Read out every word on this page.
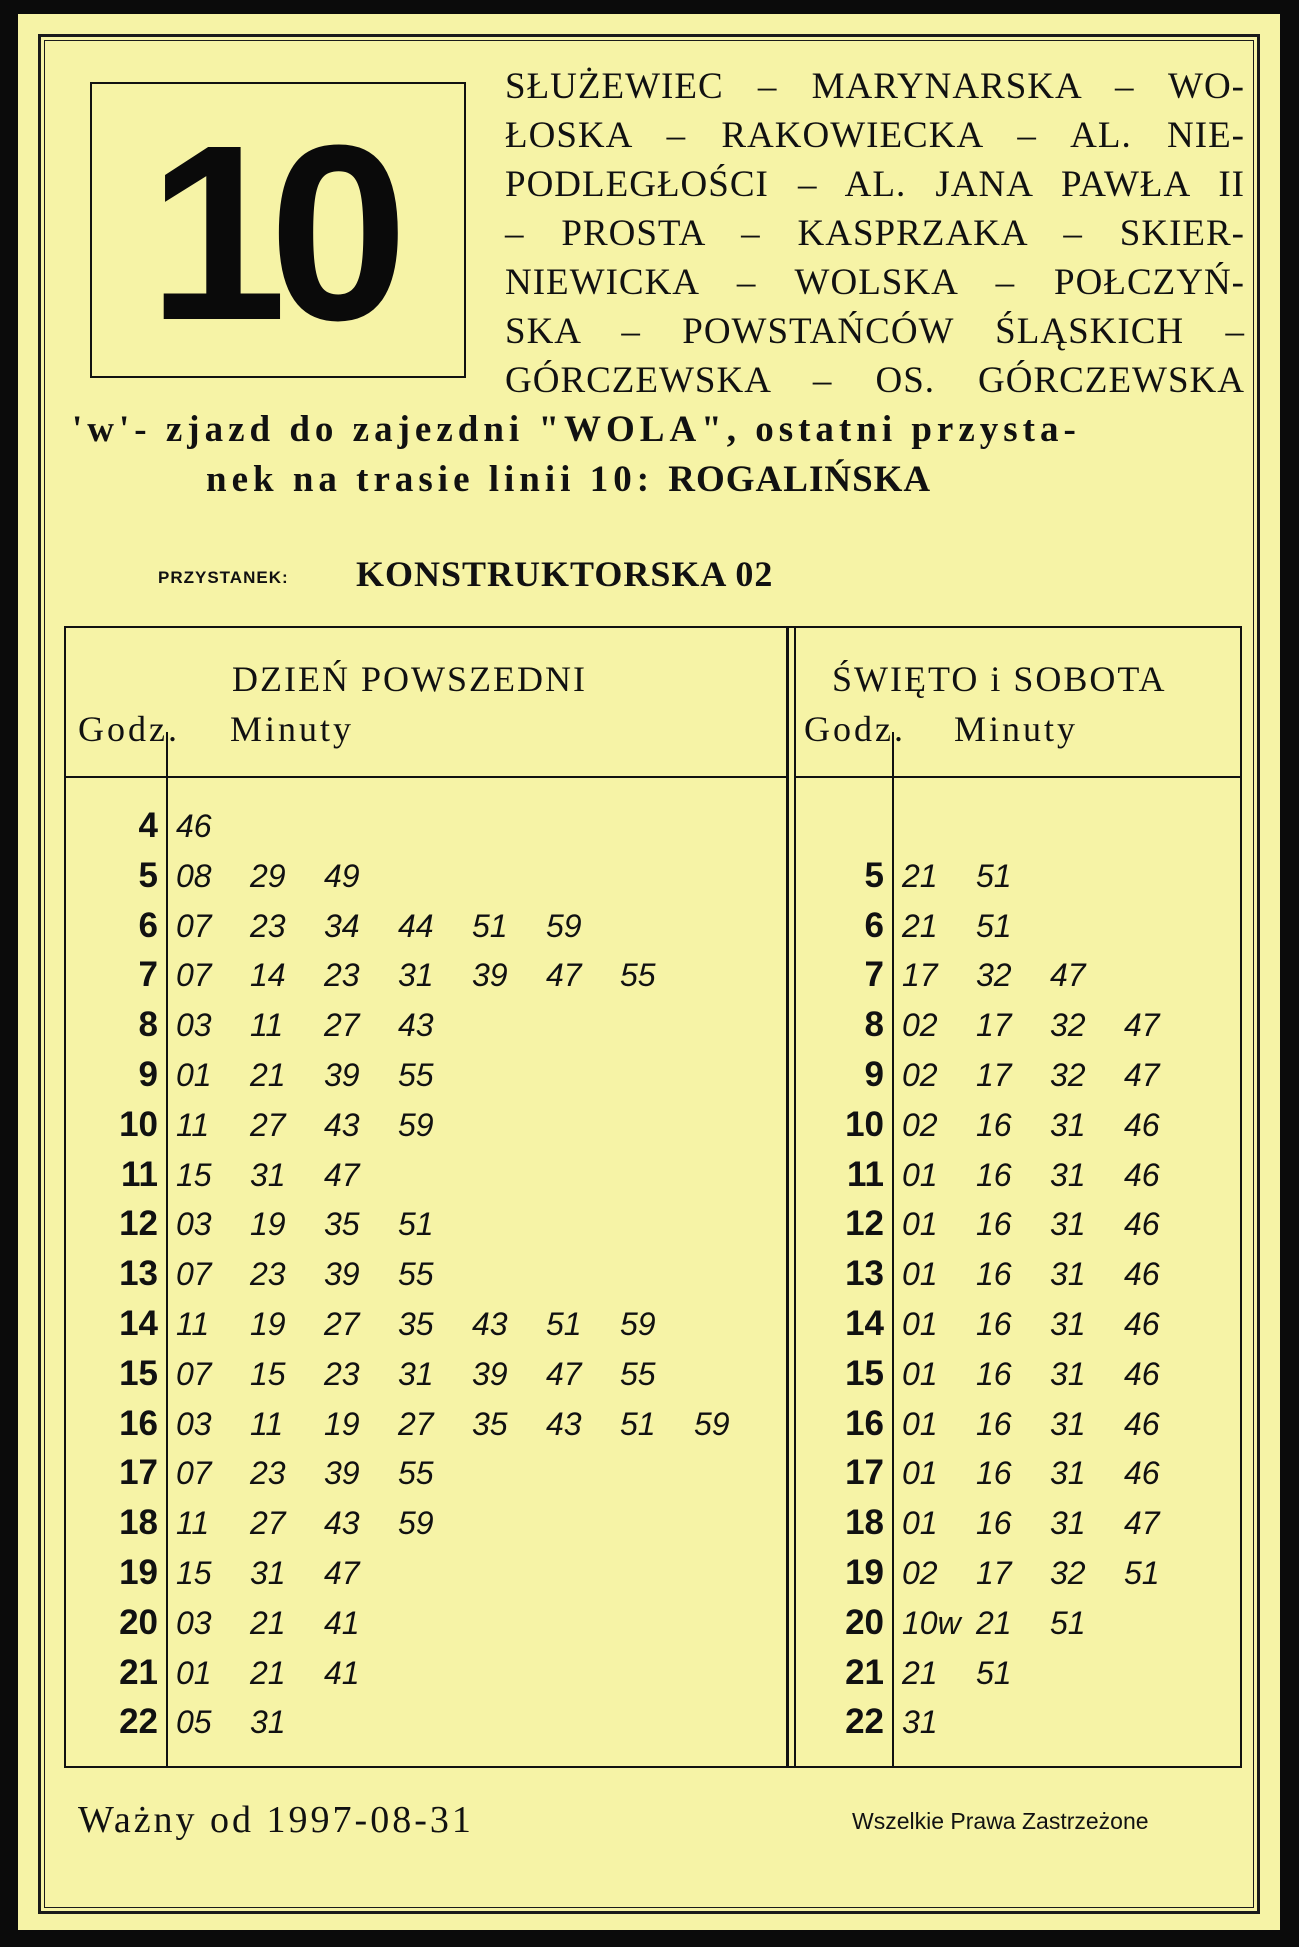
10
SŁUŻEWIEC – MARYNARSKA – WO-
ŁOSKA – RAKOWIECKA – AL. NIE-
PODLEGŁOŚCI – AL. JANA PAWŁA II
– PROSTA – KASPRZAKA – SKIER-
NIEWICKA – WOLSKA – POŁCZYŃ-
SKA – POWSTAŃCÓW ŚLĄSKICH –
GÓRCZEWSKA – OS. GÓRCZEWSKA
'w'- zjazd do zajezdni "WOLA", ostatni przysta-
nek na trasie linii 10: ROGALIŃSKA
PRZYSTANEK: KONSTRUKTORSKA 02
DZIEŃ POWSZEDNI
Godz. Minuty
ŚWIĘTO i SOBOTA
Godz. Minuty
4 46
5 08 29 49
6 07 23 34 44 51 59
7 07 14 23 31 39 47 55
8 03 11 27 43
9 01 21 39 55
10 11 27 43 59
11 15 31 47
12 03 19 35 51
13 07 23 39 55
14 11 19 27 35 43 51 59
15 07 15 23 31 39 47 55
16 03 11 19 27 35 43 51 59
17 07 23 39 55
18 11 27 43 59
19 15 31 47
20 03 21 41
21 01 21 41
22 05 31
5 21 51
6 21 51
7 17 32 47
8 02 17 32 47
9 02 17 32 47
10 02 16 31 46
11 01 16 31 46
12 01 16 31 46
13 01 16 31 46
14 01 16 31 46
15 01 16 31 46
16 01 16 31 46
17 01 16 31 46
18 01 16 31 47
19 02 17 32 51
20 10w 21 51
21 21 51
22 31
Ważny od 1997-08-31	Wszelkie Prawa Zastrzeżone
